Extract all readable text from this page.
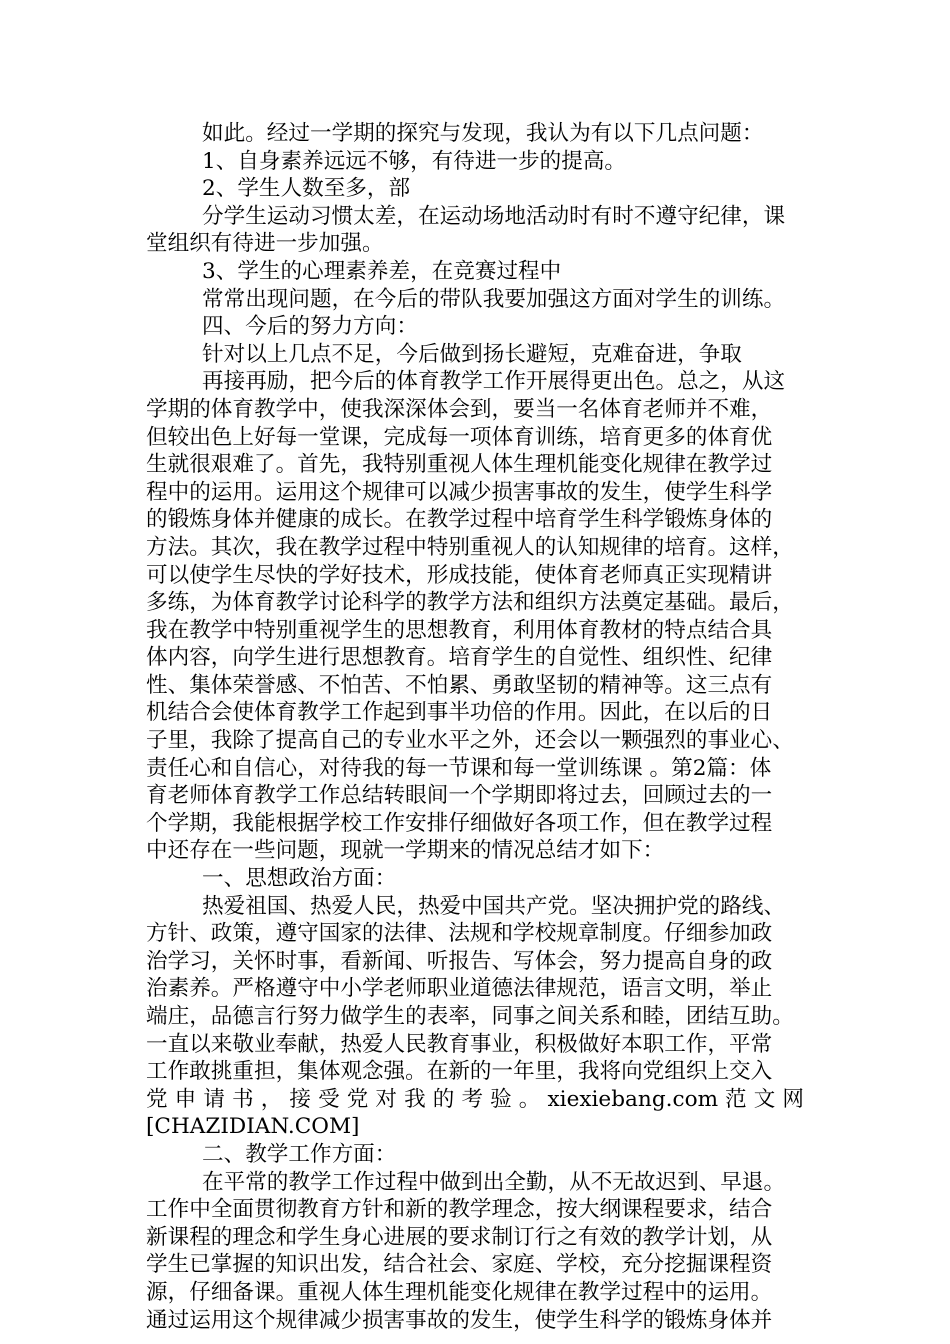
如此。经过一学期的探究与发现，我认为有以下几点问题：
1、自身素养远远不够，有待进一步的提高。
2、学生人数至多，部
分学生运动习惯太差，在运动场地活动时有时不遵守纪律，课
堂组织有待进一步加强。
3、学生的心理素养差，在竞赛过程中
常常出现问题，在今后的带队我要加强这方面对学生的训练。
四、今后的努力方向：
针对以上几点不足，今后做到扬长避短，克难奋进，争取
再接再励，把今后的体育教学工作开展得更出色。总之，从这
学期的体育教学中，使我深深体会到，要当一名体育老师并不难，
但较出色上好每一堂课，完成每一项体育训练，培育更多的体育优
生就很艰难了。首先，我特别重视人体生理机能变化规律在教学过
程中的运用。运用这个规律可以减少损害事故的发生，使学生科学
的锻炼身体并健康的成长。在教学过程中培育学生科学锻炼身体的
方法。其次，我在教学过程中特别重视人的认知规律的培育。这样，
可以使学生尽快的学好技术，形成技能，使体育老师真正实现精讲
多练，为体育教学讨论科学的教学方法和组织方法奠定基础。最后，
我在教学中特别重视学生的思想教育，利用体育教材的特点结合具
体内容，向学生进行思想教育。培育学生的自觉性、组织性、纪律
性、集体荣誉感、不怕苦、不怕累、勇敢坚韧的精神等。这三点有
机结合会使体育教学工作起到事半功倍的作用。因此，在以后的日
子里，我除了提高自己的专业水平之外，还会以一颗强烈的事业心、
责任心和自信心，对待我的每一节课和每一堂训练课 。第2篇：体
育老师体育教学工作总结转眼间一个学期即将过去，回顾过去的一
个学期，我能根据学校工作安排仔细做好各项工作，但在教学过程
中还存在一些问题，现就一学期来的情况总结才如下：
一、思想政治方面：
热爱祖国、热爱人民，热爱中国共产党。坚决拥护党的路线、
方针、政策，遵守国家的法律、法规和学校规章制度。仔细参加政
治学习，关怀时事，看新闻、听报告、写体会，努力提高自身的政
治素养。严格遵守中小学老师职业道德法律规范，语言文明，举止
端庄，品德言行努力做学生的表率，同事之间关系和睦，团结互助。
一直以来敬业奉献，热爱人民教育事业，积极做好本职工作，平常
工作敢挑重担，集体观念强。在新的一年里，我将向党组织上交入
党 申 请 书 ， 接 受 党 对 我 的 考 验 。 xiexiebang.com 范 文 网
[CHAZIDIAN.COM]
二、教学工作方面：
在平常的教学工作过程中做到出全勤，从不无故迟到、早退。
工作中全面贯彻教育方针和新的教学理念，按大纲课程要求，结合
新课程的理念和学生身心进展的要求制订行之有效的教学计划，从
学生已掌握的知识出发，结合社会、家庭、学校，充分挖掘课程资
源，仔细备课。重视人体生理机能变化规律在教学过程中的运用。
通过运用这个规律减少损害事故的发生，使学生科学的锻炼身体并
